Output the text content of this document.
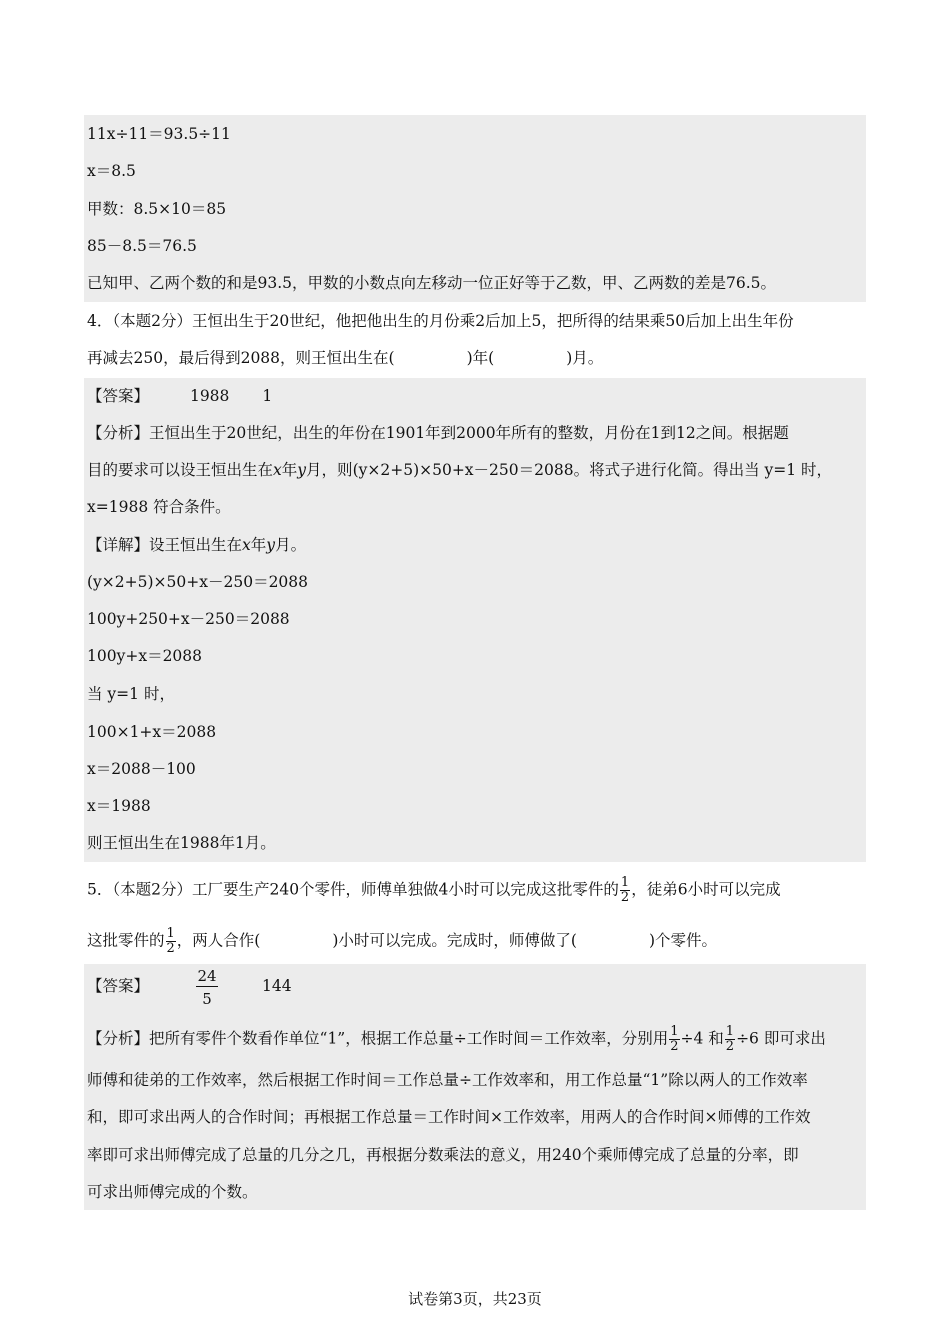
11x÷11＝93.5÷11
x＝8.5
甲数：8.5×10＝85
85－8.5＝76.5
已知甲、乙两个数的和是93.5，甲数的小数点向左移动一位正好等于乙数，甲、乙两数的差是76.5。
4．（本题2分）王恒出生于20世纪，他把他出生的月份乘2后加上5，把所得的结果乘50后加上出生年份
再减去250，最后得到2088，则王恒出生在(	)年(	)月。
【答案】	1988 1
【分析】王恒出生于20世纪，出生的年份在1901年到2000年所有的整数，月份在1到12之间。根据题
目的要求可以设王恒出生在x年y月，则(y×2+5)×50+x－250＝2088。将式子进行化简。得出当 y=1 时，
x=1988 符合条件。
【详解】设王恒出生在x年y月。
(y×2+5)×50+x－250＝2088
100y+250+x－250＝2088
100y+x＝2088
当 y=1 时，
100×1+x＝2088
x＝2088－100
x＝1988
则王恒出生在1988年1月。
5．（本题2分）工厂要生产240个零件，师傅单独做4小时可以完成这批零件的 $\frac{1}{2}$ ，徒弟6小时可以完成
这批零件的 $\frac{1}{2}$ ，两人合作(	)小时可以完成。完成时，师傅做了(	)个零件。
【答案】	$\frac{24}{5}$	144
【分析】把所有零件个数看作单位“1”，根据工作总量÷工作时间＝工作效率，分别用 $\frac{1}{2} \div 4$ 和 $\frac{1}{2} \div 6$ 即可求出
师傅和徒弟的工作效率，然后根据工作时间＝工作总量÷工作效率和，用工作总量“1”除以两人的工作效率
和，即可求出两人的合作时间；再根据工作总量＝工作时间×工作效率，用两人的合作时间×师傅的工作效
率即可求出师傅完成了总量的几分之几，再根据分数乘法的意义，用240个乘师傅完成了总量的分率，即
可求出师傅完成的个数。
试卷第3页，共23页
